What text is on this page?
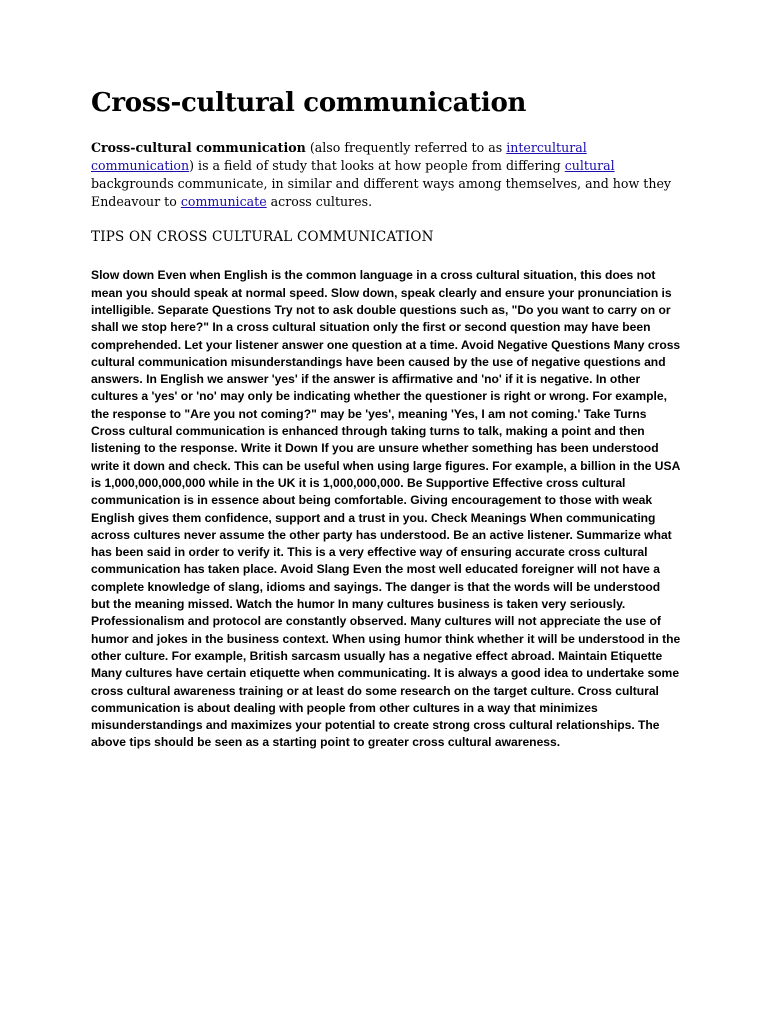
Cross-cultural communication

Cross-cultural communication (also frequently referred to as intercultural communication) is a field of study that looks at how people from differing cultural backgrounds communicate, in similar and different ways among themselves, and how they Endeavour to communicate across cultures.

TIPS ON CROSS CULTURAL COMMUNICATION

Slow down Even when English is the common language in a cross cultural situation, this does not mean you should speak at normal speed. Slow down, speak clearly and ensure your pronunciation is intelligible. Separate Questions Try not to ask double questions such as, "Do you want to carry on or shall we stop here?" In a cross cultural situation only the first or second question may have been comprehended. Let your listener answer one question at a time. Avoid Negative Questions Many cross cultural communication misunderstandings have been caused by the use of negative questions and answers. In English we answer 'yes' if the answer is affirmative and 'no' if it is negative. In other cultures a 'yes' or 'no' may only be indicating whether the questioner is right or wrong. For example, the response to "Are you not coming?" may be 'yes', meaning 'Yes, I am not coming.' Take Turns Cross cultural communication is enhanced through taking turns to talk, making a point and then listening to the response. Write it Down If you are unsure whether something has been understood write it down and check. This can be useful when using large figures. For example, a billion in the USA is 1,000,000,000,000 while in the UK it is 1,000,000,000. Be Supportive Effective cross cultural communication is in essence about being comfortable. Giving encouragement to those with weak English gives them confidence, support and a trust in you. Check Meanings When communicating across cultures never assume the other party has understood. Be an active listener. Summarize what has been said in order to verify it. This is a very effective way of ensuring accurate cross cultural communication has taken place. Avoid Slang Even the most well educated foreigner will not have a complete knowledge of slang, idioms and sayings. The danger is that the words will be understood but the meaning missed. Watch the humor In many cultures business is taken very seriously. Professionalism and protocol are constantly observed. Many cultures will not appreciate the use of humor and jokes in the business context. When using humor think whether it will be understood in the other culture. For example, British sarcasm usually has a negative effect abroad. Maintain Etiquette Many cultures have certain etiquette when communicating. It is always a good idea to undertake some cross cultural awareness training or at least do some research on the target culture. Cross cultural communication is about dealing with people from other cultures in a way that minimizes misunderstandings and maximizes your potential to create strong cross cultural relationships. The above tips should be seen as a starting point to greater cross cultural awareness.
